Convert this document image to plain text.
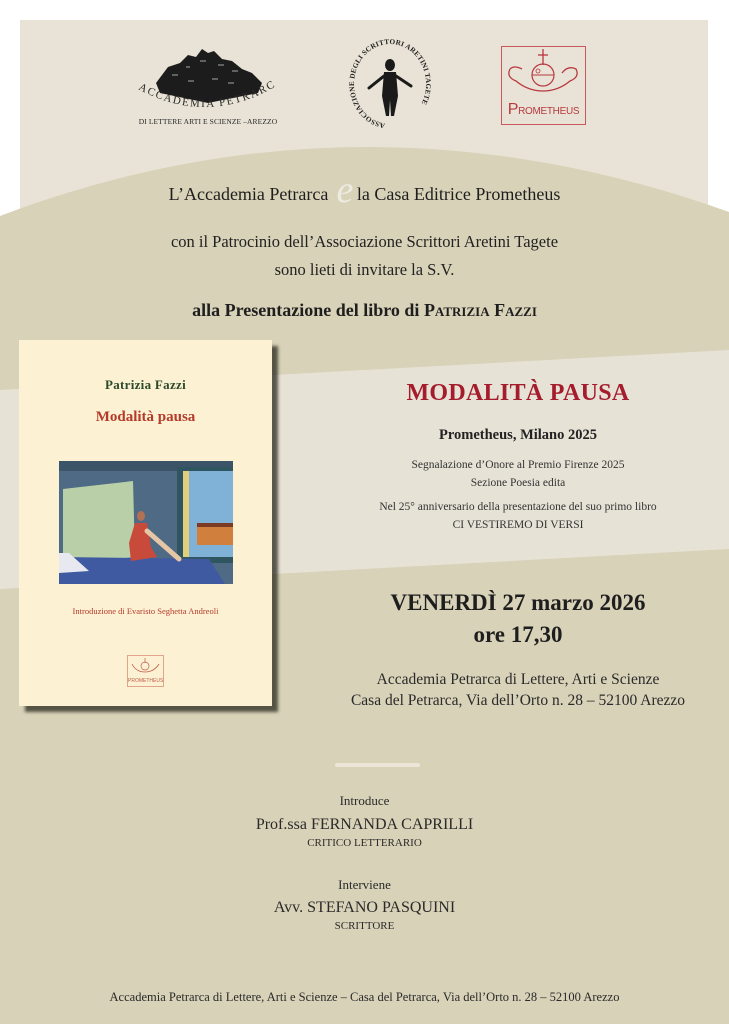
ACCADEMIA PETRARC
DI LETTERE ARTI E SCIENZE –AREZZO	ASSOCIAZIONE DEGLI SCRITTORI ARETINI TAGETE	PROMETHEUS
L’Accademia Petrarca e la Casa Editrice Prometheus
con il Patrocinio dell’Associazione Scrittori Aretini Tagete
sono lieti di invitare la S.V.
alla Presentazione del libro di Patrizia Fazzi
Patrizia Fazzi
Modalità pausa
Introduzione di Evaristo Seghetta Andreoli
PROMETHEUS
MODALITÀ PAUSA
Prometheus, Milano 2025
Segnalazione d’Onore al Premio Firenze 2025
Sezione Poesia edita
Nel 25° anniversario della presentazione del suo primo libro
CI VESTIREMO DI VERSI
VENERDÌ 27 marzo 2026
ore 17,30
Accademia Petrarca di Lettere, Arti e Scienze
Casa del Petrarca, Via dell’Orto n. 28 – 52100 Arezzo
Introduce
Prof.ssa FERNANDA CAPRILLI
CRITICO LETTERARIO
Interviene
Avv. STEFANO PASQUINI
SCRITTORE
Accademia Petrarca di Lettere, Arti e Scienze – Casa del Petrarca, Via dell’Orto n. 28 – 52100 Arezzo
